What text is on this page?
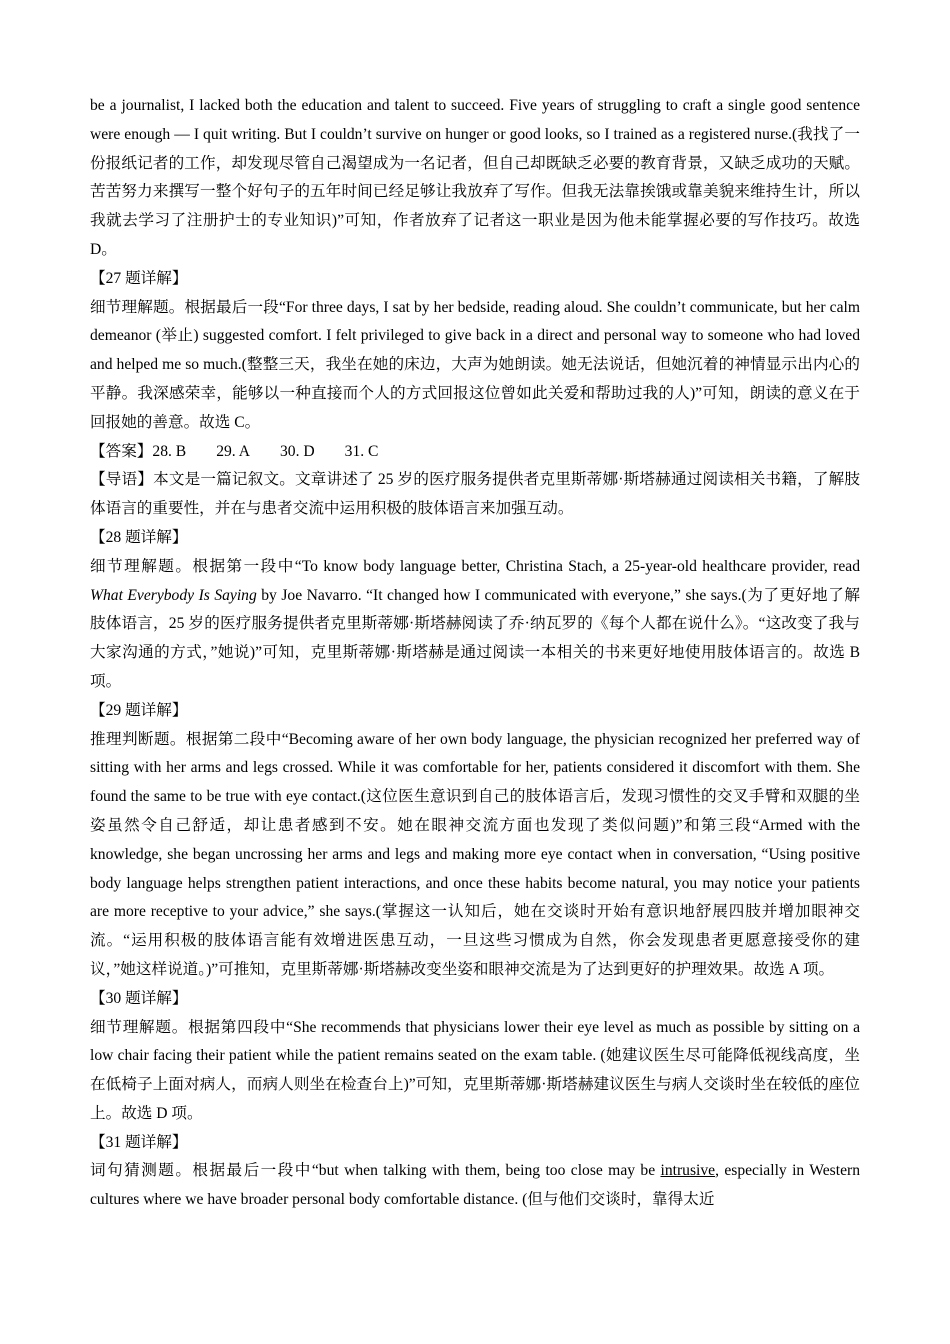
be a journalist, I lacked both the education and talent to succeed. Five years of struggling to craft a single good sentence were enough — I quit writing. But I couldn’t survive on hunger or good looks, so I trained as a registered nurse.(我找了一份报纸记者的工作，却发现尽管自己渴望成为一名记者，但自己却既缺乏必要的教育背景，又缺乏成功的天赋。苦苦努力来撰写一整个好句子的五年时间已经足够让我放弃了写作。但我无法靠挨饿或靠美貌来维持生计，所以我就去学习了注册护士的专业知识)”可知，作者放弃了记者这一职业是因为他未能掌握必要的写作技巧。故选 D。

【27 题详解】

细节理解题。根据最后一段“For three days, I sat by her bedside, reading aloud. She couldn’t communicate, but her calm demeanor (举止) suggested comfort. I felt privileged to give back in a direct and personal way to someone who had loved and helped me so much.(整整三天，我坐在她的床边，大声为她朗读。她无法说话，但她沉着的神情显示出内心的平静。我深感荣幸，能够以一种直接而个人的方式回报这位曾如此关爱和帮助过我的人)”可知，朗读的意义在于回报她的善意。故选 C。

【答案】28. B 29. A 30. D 31. C

【导语】本文是一篇记叙文。文章讲述了 25 岁的医疗服务提供者克里斯蒂娜·斯塔赫通过阅读相关书籍，了解肢体语言的重要性，并在与患者交流中运用积极的肢体语言来加强互动。

【28 题详解】

细节理解题。根据第一段中“To know body language better, Christina Stach, a 25-year-old healthcare provider, read What Everybody Is Saying by Joe Navarro. “It changed how I communicated with everyone,” she says.(为了更好地了解肢体语言，25 岁的医疗服务提供者克里斯蒂娜·斯塔赫阅读了乔·纳瓦罗的《每个人都在说什么》。“这改变了我与大家沟通的方式，”她说)”可知，克里斯蒂娜·斯塔赫是通过阅读一本相关的书来更好地使用肢体语言的。故选 B 项。

【29 题详解】

推理判断题。根据第二段中“Becoming aware of her own body language, the physician recognized her preferred way of sitting with her arms and legs crossed. While it was comfortable for her, patients considered it discomfort with them. She found the same to be true with eye contact.(这位医生意识到自己的肢体语言后，发现习惯性的交叉手臂和双腿的坐姿虽然令自己舒适，却让患者感到不安。她在眼神交流方面也发现了类似问题)”和第三段“Armed with the knowledge, she began uncrossing her arms and legs and making more eye contact when in conversation, “Using positive body language helps strengthen patient interactions, and once these habits become natural, you may notice your patients are more receptive to your advice,” she says.(掌握这一认知后，她在交谈时开始有意识地舒展四肢并增加眼神交流。“运用积极的肢体语言能有效增进医患互动，一旦这些习惯成为自然，你会发现患者更愿意接受你的建议，”她这样说道。)”可推知，克里斯蒂娜·斯塔赫改变坐姿和眼神交流是为了达到更好的护理效果。故选 A 项。

【30 题详解】

细节理解题。根据第四段中“She recommends that physicians lower their eye level as much as possible by sitting on a low chair facing their patient while the patient remains seated on the exam table. (她建议医生尽可能降低视线高度，坐在低椅子上面对病人，而病人则坐在检查台上)”可知，克里斯蒂娜·斯塔赫建议医生与病人交谈时坐在较低的座位上。故选 D 项。

【31 题详解】

词句猜测题。根据最后一段中“but when talking with them, being too close may be intrusive, especially in Western cultures where we have broader personal body comfortable distance. (但与他们交谈时，靠得太近
